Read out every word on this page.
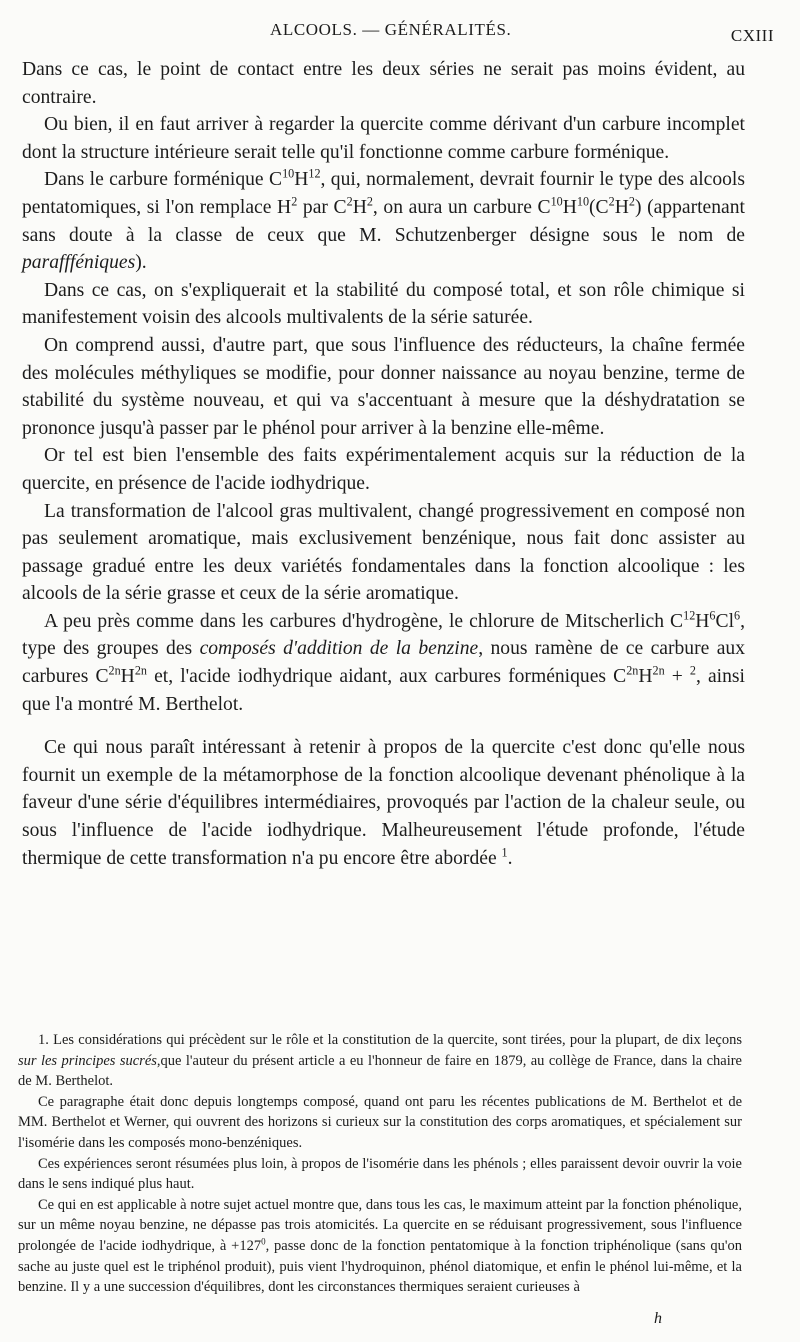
ALCOOLS. — GÉNÉRALITÉS.	CXIII

Dans ce cas, le point de contact entre les deux séries ne serait pas moins évident, au contraire.

Ou bien, il en faut arriver à regarder la quercite comme dérivant d'un carbure incomplet dont la structure intérieure serait telle qu'il fonctionne comme carbure forménique.

Dans le carbure forménique $C^{10}H^{12}$, qui, normalement, devrait fournir le type des alcools pentatomiques, si l'on remplace $H^2$ par $C^2H^2$, on aura un carbure $C^{10}H^{10}(C^2H^2)$ (appartenant sans doute à la classe de ceux que M. Schutzenberger désigne sous le nom de paraffféniques).

Dans ce cas, on s'expliquerait et la stabilité du composé total, et son rôle chimique si manifestement voisin des alcools multivalents de la série saturée.

On comprend aussi, d'autre part, que sous l'influence des réducteurs, la chaîne fermée des molécules méthyliques se modifie, pour donner naissance au noyau benzine, terme de stabilité du système nouveau, et qui va s'accentuant à mesure que la déshydratation se prononce jusqu'à passer par le phénol pour arriver à la benzine elle-même.

Or tel est bien l'ensemble des faits expérimentalement acquis sur la réduction de la quercite, en présence de l'acide iodhydrique.

La transformation de l'alcool gras multivalent, changé progressivement en composé non pas seulement aromatique, mais exclusivement benzénique, nous fait donc assister au passage gradué entre les deux variétés fondamentales dans la fonction alcoolique : les alcools de la série grasse et ceux de la série aromatique.

A peu près comme dans les carbures d'hydrogène, le chlorure de Mitscherlich $C^{12}H^6Cl^6$, type des groupes des composés d'addition de la benzine, nous ramène de ce carbure aux carbures $C^{2n}H^{2n}$ et, l'acide iodhydrique aidant, aux carbures forméniques $C^{2n}H^{2n} + ^2$, ainsi que l'a montré M. Berthelot.

Ce qui nous paraît intéressant à retenir à propos de la quercite c'est donc qu'elle nous fournit un exemple de la métamorphose de la fonction alcoolique devenant phénolique à la faveur d'une série d'équilibres intermédiaires, provoqués par l'action de la chaleur seule, ou sous l'influence de l'acide iodhydrique. Malheureusement l'étude profonde, l'étude thermique de cette transformation n'a pu encore être abordée $^1$.

1. Les considérations qui précèdent sur le rôle et la constitution de la quercite, sont tirées, pour la plupart, de dix leçons sur les principes sucrés,que l'auteur du présent article a eu l'honneur de faire en 1879, au collège de France, dans la chaire de M. Berthelot.

Ce paragraphe était donc depuis longtemps composé, quand ont paru les récentes publications de M. Berthelot et de MM. Berthelot et Werner, qui ouvrent des horizons si curieux sur la constitution des corps aromatiques, et spécialement sur l'isomérie dans les composés mono-benzéniques.

Ces expériences seront résumées plus loin, à propos de l'isomérie dans les phénols ; elles paraissent devoir ouvrir la voie dans le sens indiqué plus haut.

Ce qui en est applicable à notre sujet actuel montre que, dans tous les cas, le maximum atteint par la fonction phénolique, sur un même noyau benzine, ne dépasse pas trois atomicités. La quercite en se réduisant progressivement, sous l'influence prolongée de l'acide iodhydrique, à $+127^0$, passe donc de la fonction pentatomique à la fonction triphénolique (sans qu'on sache au juste quel est le triphénol produit), puis vient l'hydroquinon, phénol diatomique, et enfin le phénol lui-même, et la benzine. Il y a une succession d'équilibres, dont les circonstances thermiques seraient curieuses à

h
